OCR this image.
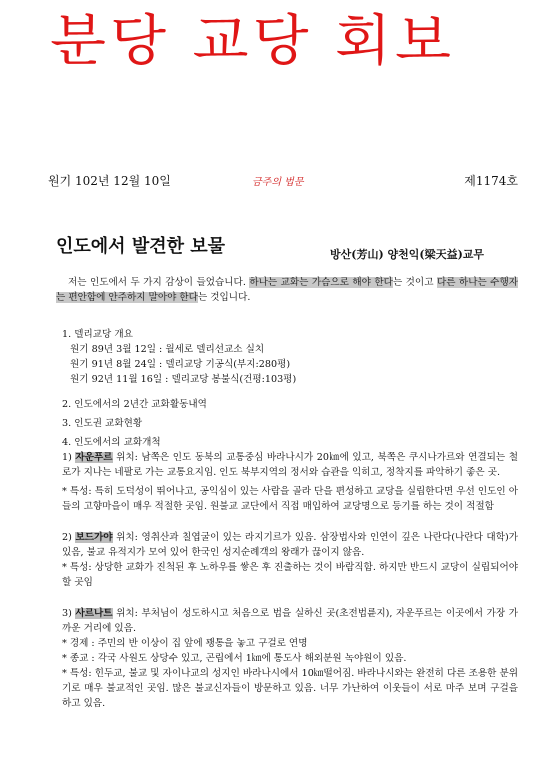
분당 교당 회보
원기 102년 12월 10일	금주의 법문	제1174호
인도에서 발견한 보물	방산(芳山) 양천익(梁天益)교무

저는 인도에서 두 가지 감상이 들었습니다. 하나는 교화는 가슴으로 해야 한다는 것이고 다른 하나는 수행자는 편안함에 안주하지 말아야 한다는 것입니다.

1. 델리교당 개요

원기 89년 3월 12일 : 월세로 델리선교소 실치

원기 91년 8월 24일 : 델리교당 기공식(부지:280평)

원기 92년 11월 16일 : 델리교당 봉불식(건평:103평)

2. 인도에서의 2년간 교화활동내역

3. 인도권 교화현황

4. 인도에서의 교화개척

1) 자운푸르 위치: 남쪽은 인도 동북의 교통중심 바라나시가 20㎞에 있고, 북쪽은 쿠시나가르와 연결되는 철로가 지나는 네팔로 가는 교통요지임. 인도 북부지역의 정서와 습관을 익히고, 정착지를 파악하기 좋은 곳.

* 특성: 특히 도덕성이 뛰어나고, 공익심이 있는 사람을 골라 단을 편성하고 교당을 실립한다면 우선 인도인 아들의 고향마을이 매우 적절한 곳임. 원불교 교단에서 직접 매입하여 교당명으로 등기를 하는 것이 적절함

2) 보드가야 위치: 영취산과 칠엽굴이 있는 라지기르가 있음. 삼장법사와 인연이 깊은 나란다(나란다 대학)가 있음, 불교 유적지가 모여 있어 한국인 성지순례객의 왕래가 끊이지 않음.

* 특성: 상당한 교화가 진척된 후 노하우를 쌓은 후 진출하는 것이 바람직함. 하지만 반드시 교당이 실립되어야 할 곳임

3) 사르나트 위치: 부처님이 성도하시고 처음으로 법을 실하신 곳(초전법륜지), 자운푸르는 이곳에서 가장 가까운 거리에 있음.

* 경제 : 주민의 반 이상이 집 앞에 꽹통을 놓고 구걸로 연명

* 종교 : 각국 사원도 상당수 있고, 곤립에서 1㎞에 통도사 해외분원 녹야원이 있음.

* 특성: 힌두교, 불교 및 자이나교의 성지인 바라나시에서 10㎞떨어짐. 바라나시와는 완전히 다른 조용한 분위기로 매우 불교적인 곳임. 많은 불교신자들이 방문하고 있음. 너무 가난하여 이웃들이 서로 마주 보며 구걸을 하고 있음.
